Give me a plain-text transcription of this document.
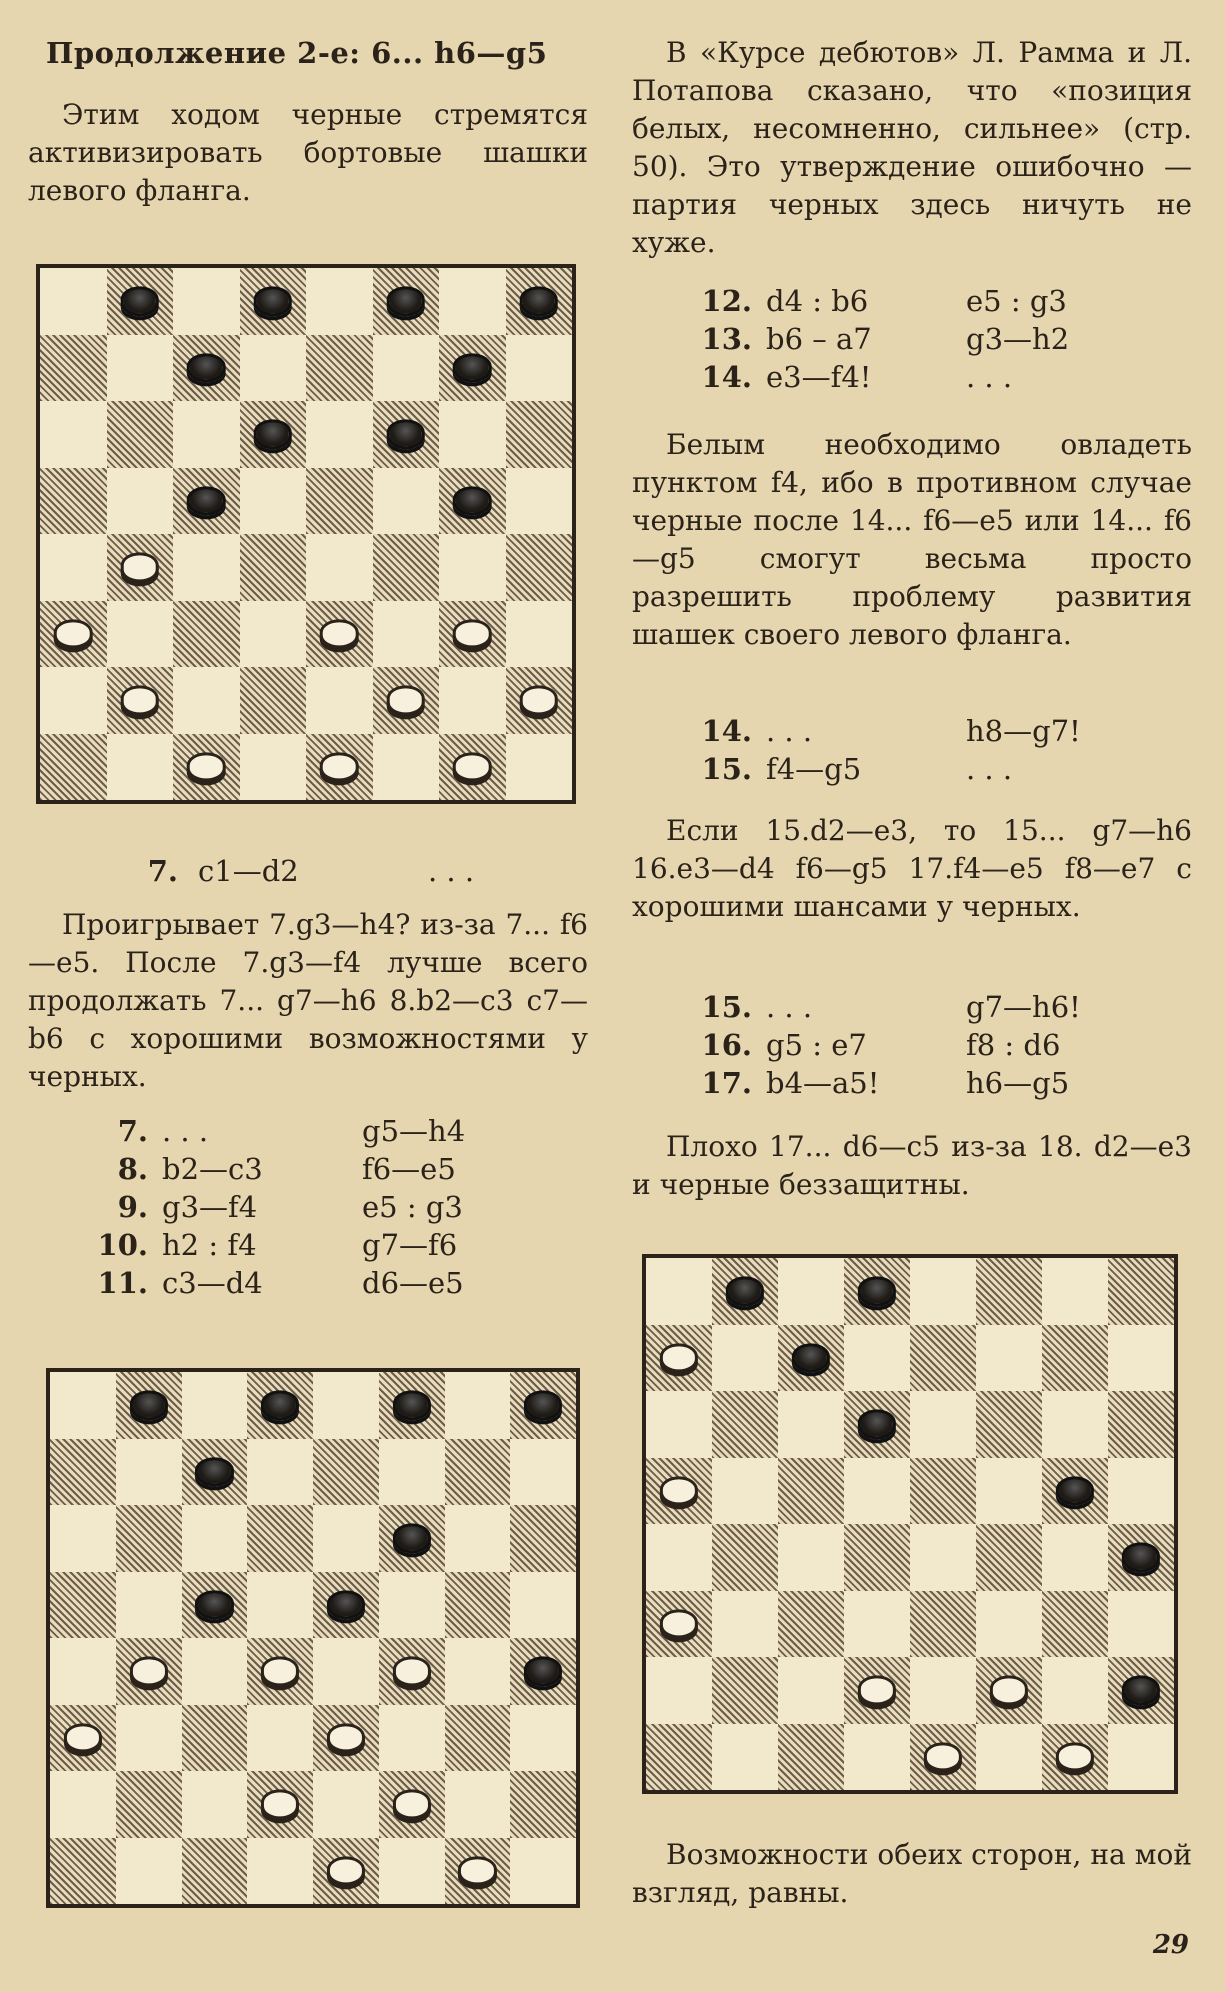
Продолжение 2-е: 6... h6—g5
Этим ходом черные стремятся активизировать бортовые шашки левого фланга.
7. c1—d2	. . .
Проигрывает 7.g3—h4? из-за 7... f6—e5. После 7.g3—f4 лучше всего продолжать 7... g7—h6 8.b2—c3 c7—b6 с хорошими возможностями у черных.
7. . . .	g5—h4
8. b2—c3	f6—e5
9. g3—f4	e5 : g3
10. h2 : f4	g7—f6
11. c3—d4	d6—e5
В «Курсе дебютов» Л. Рамма и Л. Потапова сказано, что «позиция белых, несомненно, сильнее» (стр. 50). Это утверждение ошибочно — партия черных здесь ничуть не хуже.
12. d4 : b6	e5 : g3
13. b6 – a7	g3—h2
14. e3—f4!	. . .
Белым необходимо овладеть пунктом f4, ибо в противном случае черные после 14... f6—e5 или 14... f6—g5 смогут весьма просто разрешить проблему развития шашек своего левого фланга.
14. . . .	h8—g7!
15. f4—g5	. . .
Если 15.d2—e3, то 15... g7—h6 16.e3—d4 f6—g5 17.f4—e5 f8—e7 с хорошими шансами у черных.
15. . . .	g7—h6!
16. g5 : e7	f8 : d6
17. b4—a5!	h6—g5
Плохо 17... d6—c5 из-за 18. d2—e3 и черные беззащитны.
Возможности обеих сторон, на мой взгляд, равны.
29
